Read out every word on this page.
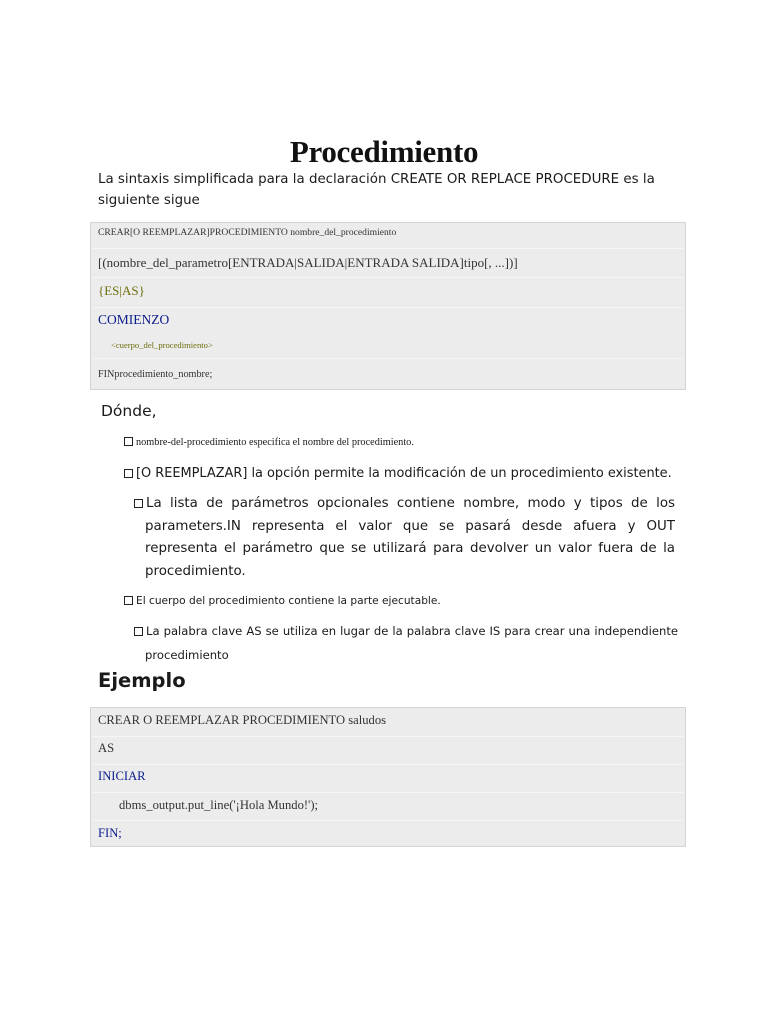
Procedimiento

La sintaxis simplificada para la declaración CREATE OR REPLACE PROCEDURE es la siguiente sigue

CREAR[O REEMPLAZAR]PROCEDIMIENTO nombre_del_procedimiento
[(nombre_del_parametro[ENTRADA|SALIDA|ENTRADA SALIDA]tipo[, ...])]
{ES|AS}
COMIENZO
<cuerpo_del_procedimiento>
FINprocedimiento_nombre;

Dónde,

nombre-del-procedimiento especifica el nombre del procedimiento.
[O REEMPLAZAR] la opción permite la modificación de un procedimiento existente.
La lista de parámetros opcionales contiene nombre, modo y tipos de los parameters.IN representa el valor que se pasará desde afuera y OUT representa el parámetro que se utilizará para devolver un valor fuera de la procedimiento.
El cuerpo del procedimiento contiene la parte ejecutable.
La palabra clave AS se utiliza en lugar de la palabra clave IS para crear una independiente procedimiento
Ejemplo
CREAR O REEMPLAZAR PROCEDIMIENTO saludos
AS
INICIAR
dbms_output.put_line('¡Hola Mundo!');
FIN;
